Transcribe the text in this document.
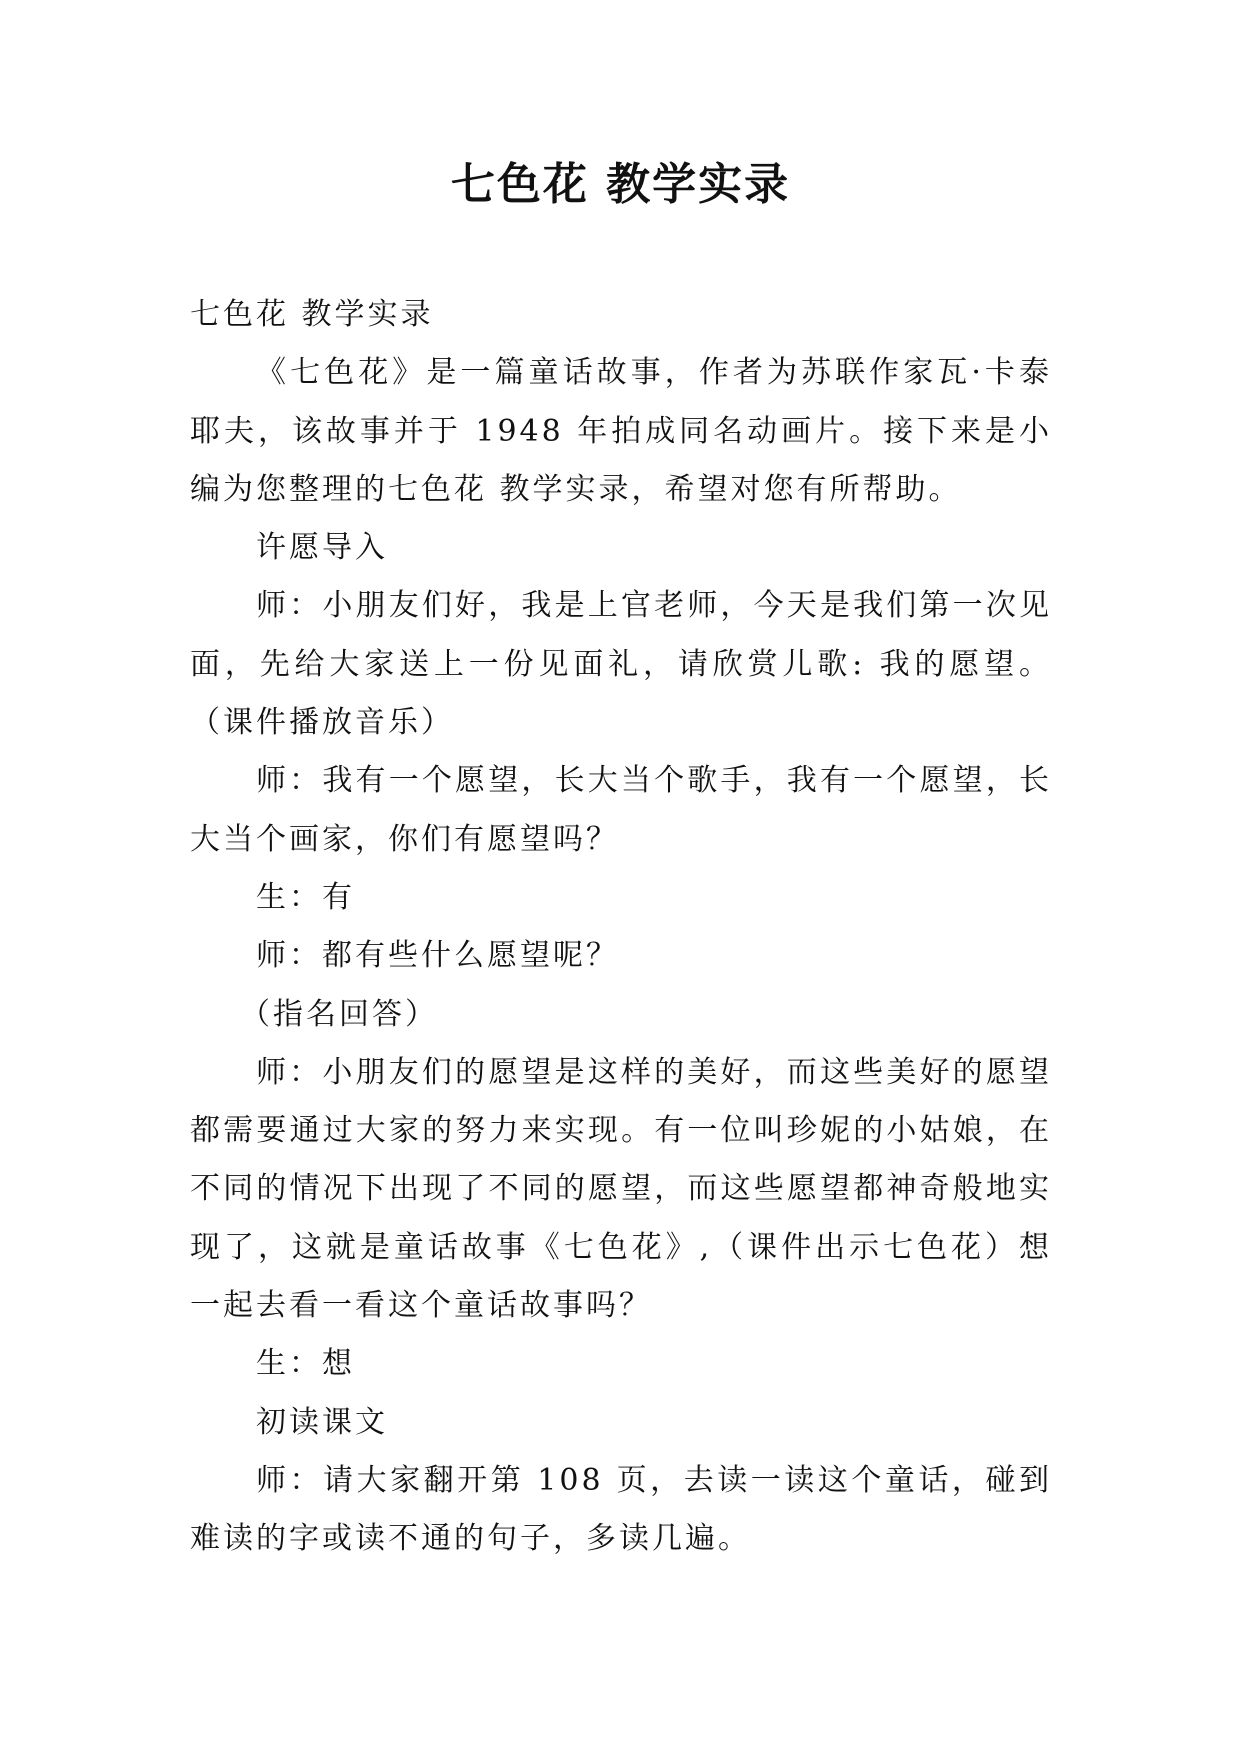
七色花 教学实录

七色花 教学实录

《七色花》是一篇童话故事，作者为苏联作家瓦·卡泰耶夫，该故事并于 1948 年拍成同名动画片。接下来是小编为您整理的七色花 教学实录，希望对您有所帮助。

许愿导入

师：小朋友们好，我是上官老师，今天是我们第一次见面，先给大家送上一份见面礼，请欣赏儿歌: 我的愿望。（课件播放音乐）

师：我有一个愿望，长大当个歌手，我有一个愿望，长大当个画家，你们有愿望吗？

生：有

师：都有些什么愿望呢？

（指名回答）

师：小朋友们的愿望是这样的美好，而这些美好的愿望都需要通过大家的努力来实现。有一位叫珍妮的小姑娘，在不同的情况下出现了不同的愿望，而这些愿望都神奇般地实现了，这就是童话故事《七色花》,（课件出示七色花）想一起去看一看这个童话故事吗？

生：想

初读课文

师：请大家翻开第 108 页，去读一读这个童话，碰到难读的字或读不通的句子，多读几遍。
